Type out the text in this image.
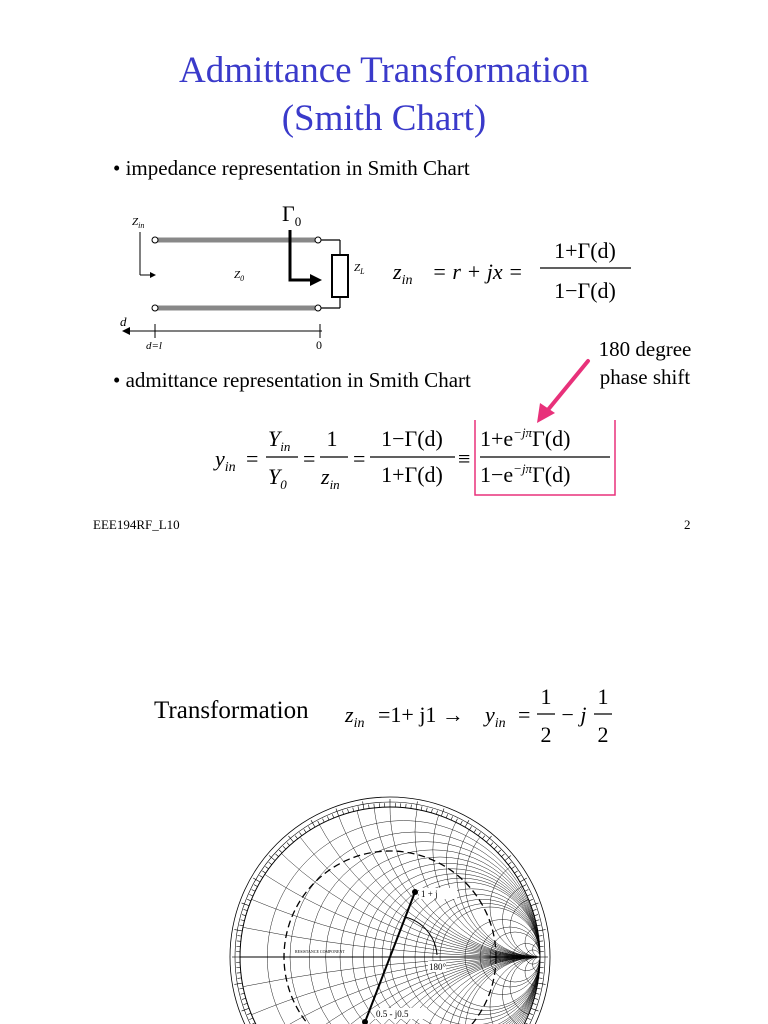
Admittance Transformation
(Smith Chart)
• impedance representation in Smith Chart
$Z_{in}$	$\Gamma_0$
$Z_0$
$Z_L$
d
d=l	0
$z_{in} = r$ + jx =
1+Γ(d)
1−Γ(d)
180 degree
phase shift
• admittance representation in Smith Chart
$y_{in}$ =
$Y_{in}$
$Y_0$
=
1
$z_{in}$
=
1−Γ(d)
1+Γ(d)
≡
$1+e^{-j\pi}\Gamma(d)$
$1-e^{-j\pi}\Gamma(d)$
EEE194RF_L10	2
Transformation $z_{in} =1+ j1 \to y_{in}$ =
1
2
− j
1
2
1 + j
0.5 - j0.5
180°
RESISTANCE COMPONENT
